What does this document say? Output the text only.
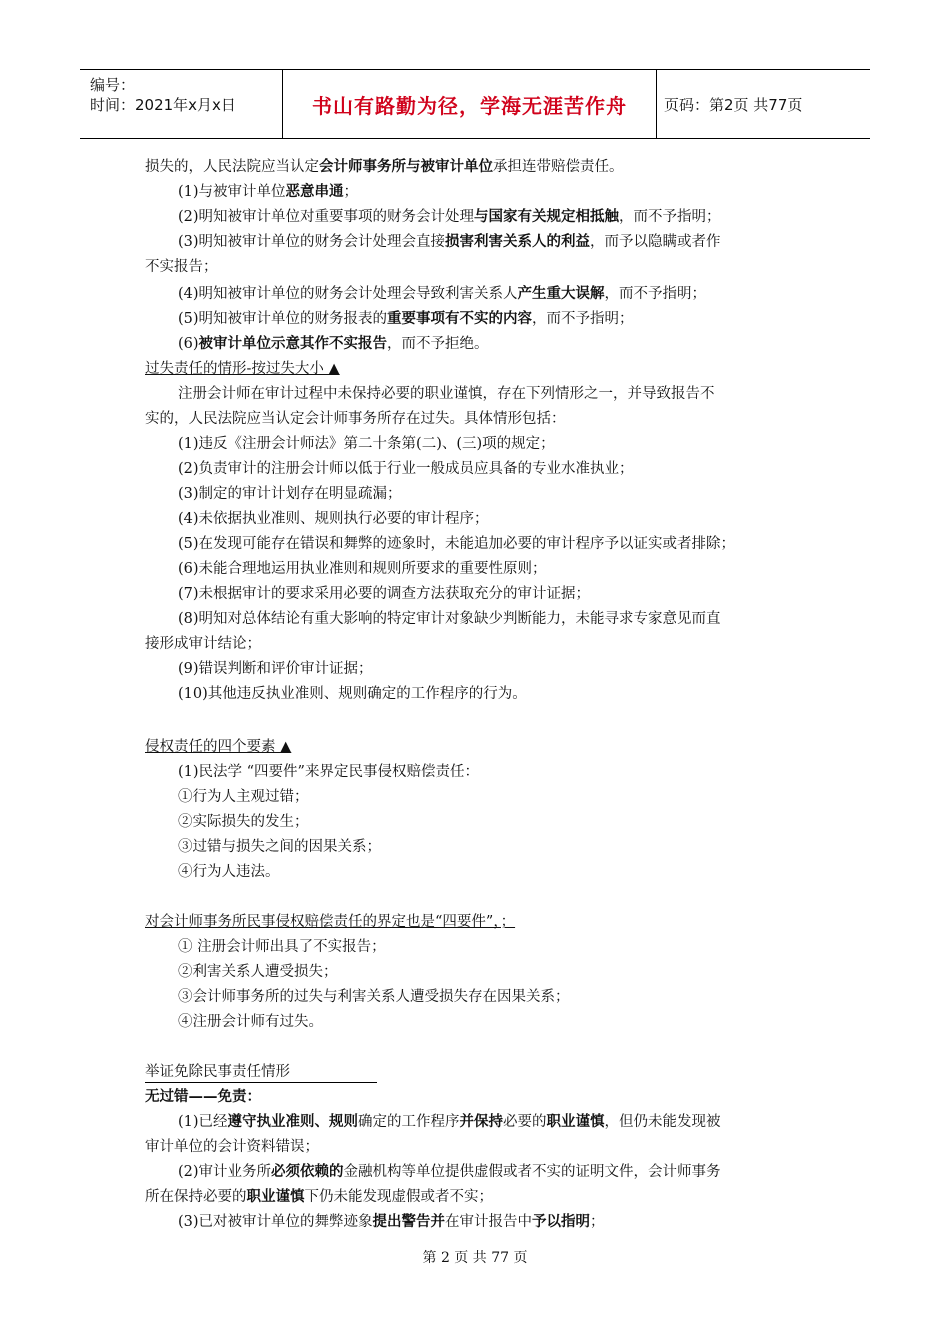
编号：
时间：2021年x月x日	书山有路勤为径，学海无涯苦作舟 页码：第2页 共77页
损失的，人民法院应当认定会计师事务所与被审计单位承担连带赔偿责任。
(1)与被审计单位恶意串通；
(2)明知被审计单位对重要事项的财务会计处理与国家有关规定相抵触，而不予指明；
(3)明知被审计单位的财务会计处理会直接损害利害关系人的利益，而予以隐瞒或者作
不实报告；
(4)明知被审计单位的财务会计处理会导致利害关系人产生重大误解，而不予指明；
(5)明知被审计单位的财务报表的重要事项有不实的内容，而不予指明；
(6)被审计单位示意其作不实报告，而不予拒绝。
过失责任的情形-按过失大小 ▲
注册会计师在审计过程中未保持必要的职业谨慎，存在下列情形之一，并导致报告不
实的，人民法院应当认定会计师事务所存在过失。具体情形包括：
(1)违反《注册会计师法》第二十条第(二)、(三)项的规定；
(2)负责审计的注册会计师以低于行业一般成员应具备的专业水准执业；
(3)制定的审计计划存在明显疏漏；
(4)未依据执业准则、规则执行必要的审计程序；
(5)在发现可能存在错误和舞弊的迹象时，未能追加必要的审计程序予以证实或者排除；
(6)未能合理地运用执业准则和规则所要求的重要性原则；
(7)未根据审计的要求采用必要的调查方法获取充分的审计证据；
(8)明知对总体结论有重大影响的特定审计对象缺少判断能力，未能寻求专家意见而直
接形成审计结论；
(9)错误判断和评价审计证据；
(10)其他违反执业准则、规则确定的工作程序的行为。
侵权责任的四个要素 ▲
(1)民法学 “四要件”来界定民事侵权赔偿责任：
①行为人主观过错；
②实际损失的发生；
③过错与损失之间的因果关系；
④行为人违法。
对会计师事务所民事侵权赔偿责任的界定也是“四要件”，；
① 注册会计师出具了不实报告；
②利害关系人遭受损失；
③会计师事务所的过失与利害关系人遭受损失存在因果关系；
④注册会计师有过失。
举证免除民事责任情形
无过错——免责：
(1)已经遵守执业准则、规则确定的工作程序并保持必要的职业谨慎，但仍未能发现被
审计单位的会计资料错误；
(2)审计业务所必须依赖的金融机构等单位提供虚假或者不实的证明文件，会计师事务
所在保持必要的职业谨慎下仍未能发现虚假或者不实；
(3)已对被审计单位的舞弊迹象提出警告并在审计报告中予以指明；
第 2 页 共 77 页
